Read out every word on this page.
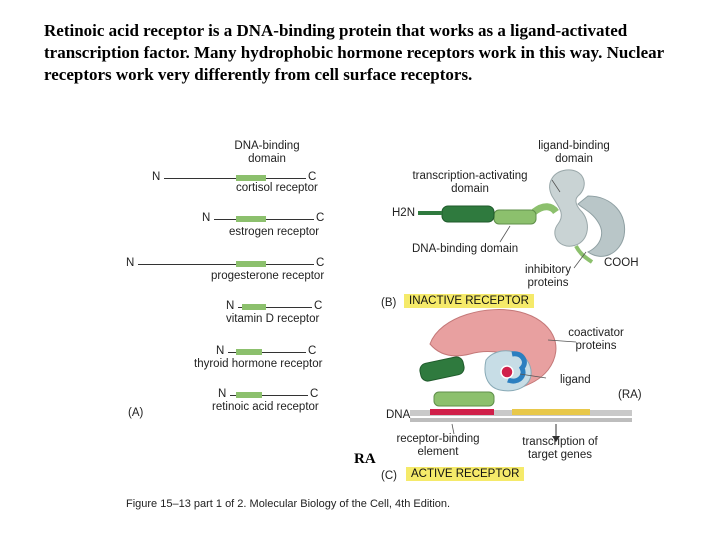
Retinoic acid receptor is a DNA-binding protein that works as a ligand-activated transcription factor. Many hydrophobic hormone receptors work in this way. Nuclear receptors work very differently from cell surface receptors.
DNA-binding
domain
N	C
cortisol receptor
N	C
estrogen receptor
N	C
progesterone receptor
N	C
vitamin D receptor
N	C
thyroid hormone receptor
N	C
retinoic acid receptor
(A)
ligand-binding
domain
transcription-activating
domain
H2N
DNA-binding domain
COOH
inhibitory
proteins
(B)	INACTIVE RECEPTOR
coactivator
proteins
ligand
(RA)
DNA
receptor-binding
element
transcription of
target genes
(C)	ACTIVE RECEPTOR
RA
Figure 15–13 part 1 of 2. Molecular Biology of the Cell, 4th Edition.
